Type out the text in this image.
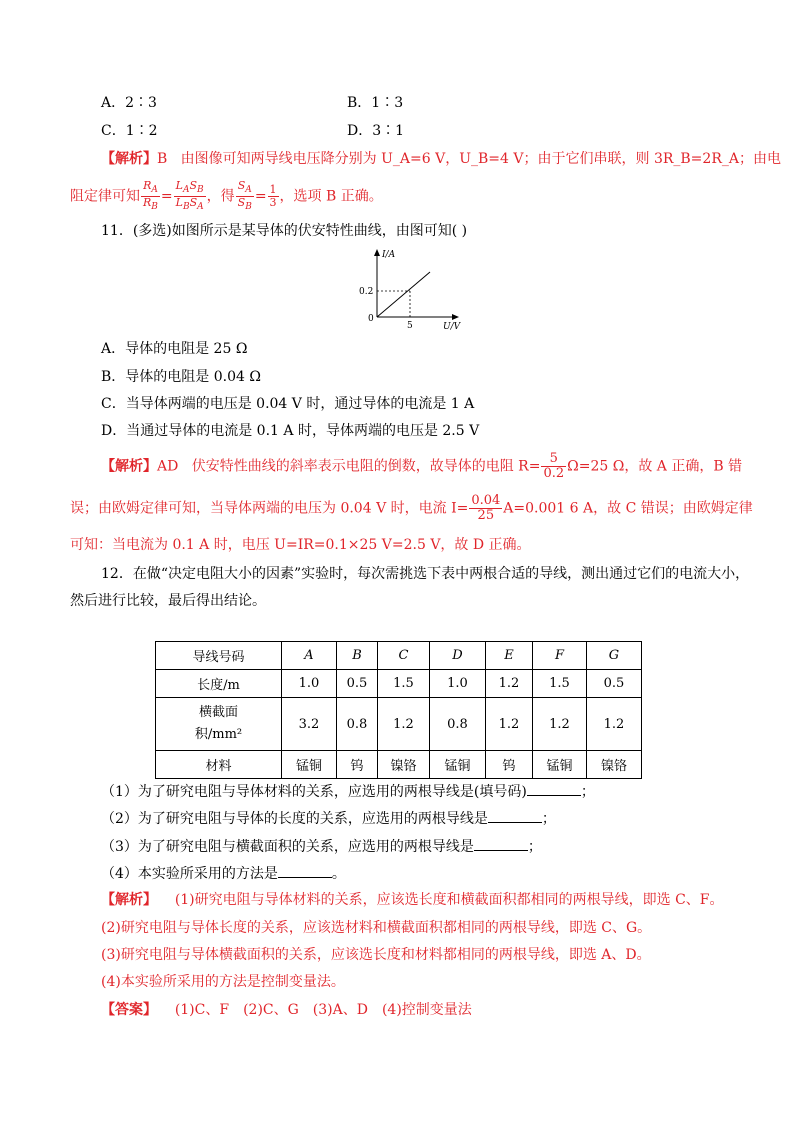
A．2∶3	B．1∶3
C．1∶2	D．3∶1
【解析】B 由图像可知两导线电压降分别为 U_A=6 V，U_B=4 V；由于它们串联，则 3R_B=2R_A；由电
阻定律可知 $\frac{R_A}{R_B} = \frac{L_AS_B}{L_BS_A}$ ，得 $\frac{S_A}{S_B} = \frac{1}{3}$ ，选项 B 正确。
11．(多选)如图所示是某导体的伏安特性曲线，由图可知( )
I/A
U/V
0
0.2
5
A．导体的电阻是 25 Ω
B．导体的电阻是 0.04 Ω
C．当导体两端的电压是 0.04 V 时，通过导体的电流是 1 A
D．当通过导体的电流是 0.1 A 时，导体两端的电压是 2.5 V
【解析】AD 伏安特性曲线的斜率表示电阻的倒数，故导体的电阻 $R= \frac{5}{0.2} \Omega=25$ Ω，故 A 正确，B 错
误；由欧姆定律可知，当导体两端的电压为 0.04 V 时，电流 $I= \frac{0.04}{25} A=0.001$ 6 A，故 C 错误；由欧姆定律
可知：当电流为 0.1 A 时，电压 U=IR=0.1×25 V=2.5 V，故 D 正确。
12．在做“决定电阻大小的因素”实验时，每次需挑选下表中两根合适的导线，测出通过它们的电流大小，
然后进行比较，最后得出结论。
导线号码	A	B	C	D	E	F	G
长度/m	1.0	0.5	1.5	1.0	1.2	1.5	0.5
横截面
积/mm²	3.2	0.8	1.2	0.8	1.2	1.2	1.2
材料	锰铜	钨	镍铬	锰铜	钨	锰铜	镍铬
（1）为了研究电阻与导体材料的关系，应选用的两根导线是(填号码)	；
（2）为了研究电阻与导体的长度的关系，应选用的两根导线是	；
（3）为了研究电阻与横截面积的关系，应选用的两根导线是	；
（4）本实验所采用的方法是	。
【解析】 (1)研究电阻与导体材料的关系，应该选长度和横截面积都相同的两根导线，即选 C、F。
(2)研究电阻与导体长度的关系，应该选材料和横截面积都相同的两根导线，即选 C、G。
(3)研究电阻与导体横截面积的关系，应该选长度和材料都相同的两根导线，即选 A、D。
(4)本实验所采用的方法是控制变量法。
【答案】 (1)C、F　(2)C、G　(3)A、D　(4)控制变量法
